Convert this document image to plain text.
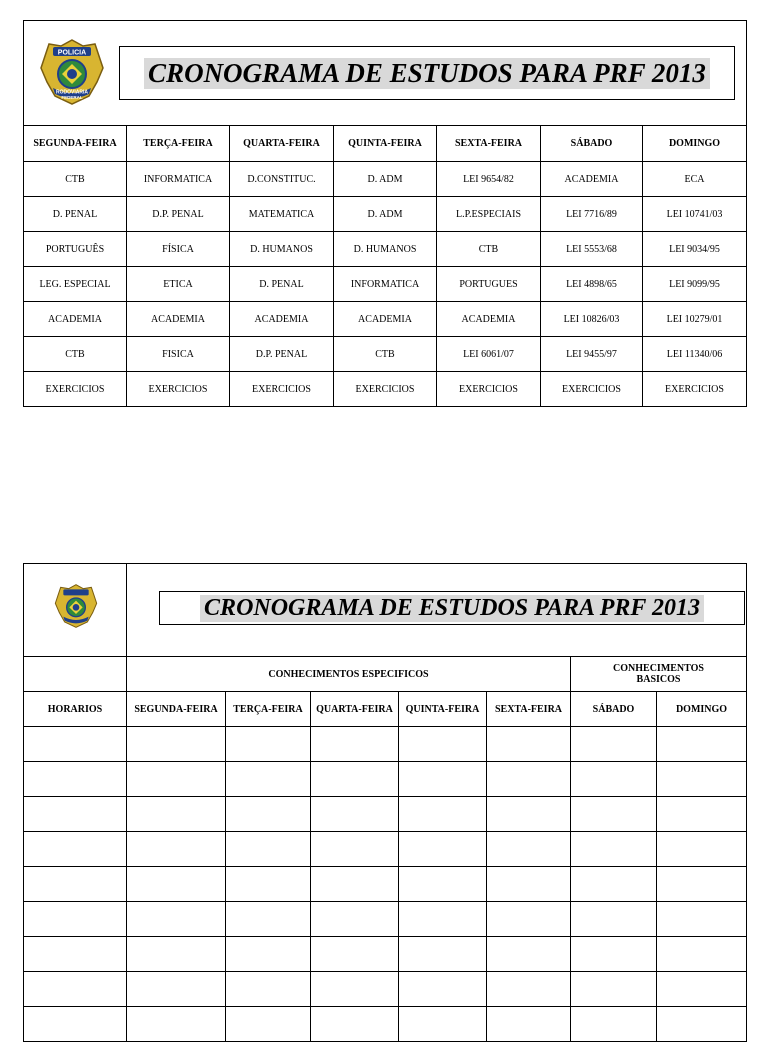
POLICIA
RODOVIARIA
FEDERAL
CRONOGRAMA DE ESTUDOS PARA PRF 2013						

SEGUNDA-FEIRA	TERÇA-FEIRA	QUARTA-FEIRA	QUINTA-FEIRA	SEXTA-FEIRA	SÁBADO	DOMINGO
CTB	INFORMATICA	D.CONSTITUC.	D. ADM	LEI 9654/82	ACADEMIA	ECA
D. PENAL	D.P. PENAL	MATEMATICA	D. ADM	L.P.ESPECIAIS	LEI 7716/89	LEI 10741/03
PORTUGUÊS	FÍSICA	D. HUMANOS	D. HUMANOS	CTB	LEI 5553/68	LEI 9034/95
LEG. ESPECIAL	ETICA	D. PENAL	INFORMATICA	PORTUGUES	LEI 4898/65	LEI 9099/95
ACADEMIA	ACADEMIA	ACADEMIA	ACADEMIA	ACADEMIA	LEI 10826/03	LEI 10279/01
CTB	FISICA	D.P. PENAL	CTB	LEI 6061/07	LEI 9455/97	LEI 11340/06
EXERCICIOS	EXERCICIOS	EXERCICIOS	EXERCICIOS	EXERCICIOS	EXERCICIOS	EXERCICIOS

CRONOGRAMA DE ESTUDOS PARA PRF 2013						

	CONHECIMENTOS ESPECIFICOS					CONHECIMENTOS BASICOS	
HORARIOS	SEGUNDA-FEIRA	TERÇA-FEIRA	QUARTA-FEIRA	QUINTA-FEIRA	SEXTA-FEIRA	SÁBADO	DOMINGO
